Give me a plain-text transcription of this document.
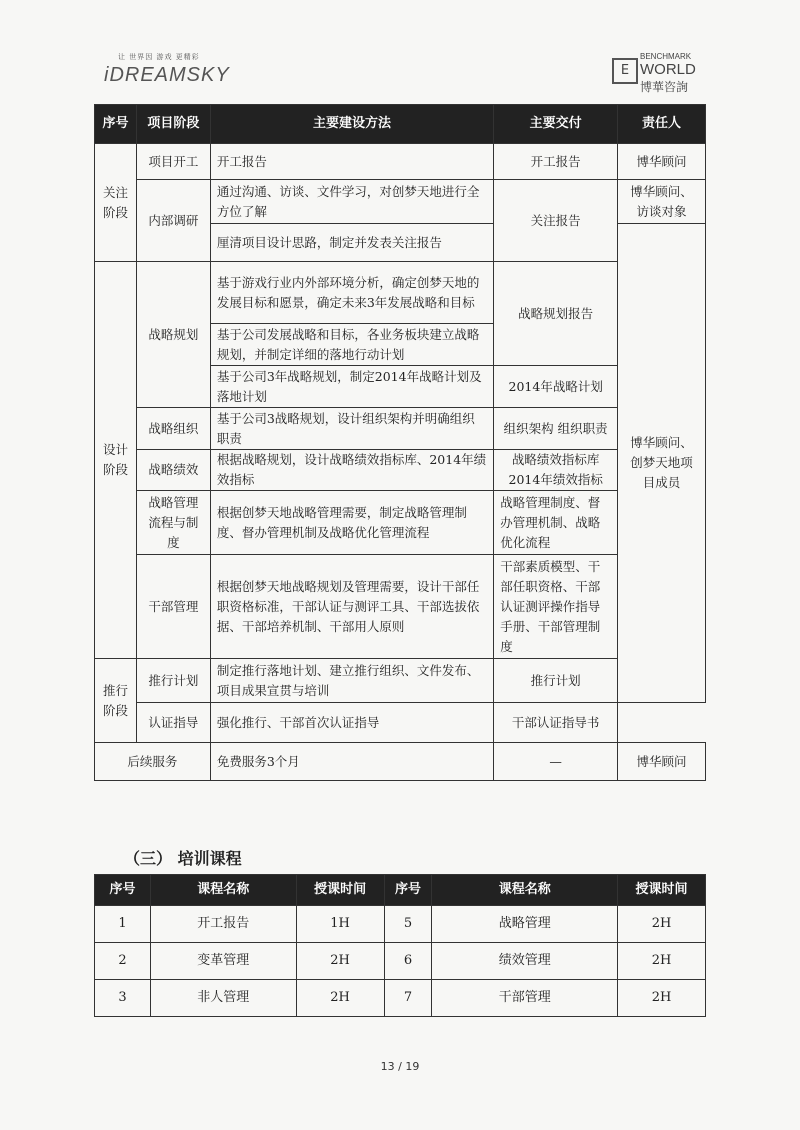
让 世界因 游戏 更精彩
iDREAMSKY	E
BENCHMARK
WORLD
博華咨詢
序号	项目阶段	主要建设方法	主要交付	责任人
关注阶段	项目开工	开工报告	开工报告	博华顾问
	内部调研	通过沟通、访谈、文件学习，对创梦天地进行全方位了解	关注报告	博华顾问、访谈对象
		厘清项目设计思路，制定并发表关注报告		博华顾问、创梦天地项目成员
设计阶段	战略规划	基于游戏行业内外部环境分析，确定创梦天地的发展目标和愿景，确定未来3年发展战略和目标	战略规划报告	
		基于公司发展战略和目标，各业务板块建立战略规划，并制定详细的落地行动计划		
		基于公司3年战略规划，制定2014年战略计划及落地计划	2014年战略计划	
	战略组织	基于公司3战略规划，设计组织架构并明确组织职责	组织架构 组织职责	
	战略绩效	根据战略规划，设计战略绩效指标库、2014年绩效指标	战略绩效指标库 2014年绩效指标	
	战略管理流程与制度	根据创梦天地战略管理需要，制定战略管理制度、督办管理机制及战略优化管理流程	战略管理制度、督办管理机制、战略优化流程	
	干部管理	根据创梦天地战略规划及管理需要，设计干部任职资格标准，干部认证与测评工具、干部选拔依据、干部培养机制、干部用人原则	干部素质模型、干部任职资格、干部认证测评操作指导手册、干部管理制度	
推行阶段	推行计划	制定推行落地计划、建立推行组织、文件发布、项目成果宣贯与培训	推行计划	
	认证指导	强化推行、干部首次认证指导	干部认证指导书	
后续服务		免费服务3个月	—	博华顾问
（三） 培训课程
序号	课程名称	授课时间	序号	课程名称	授课时间
1	开工报告	1H	5	战略管理	2H
2	变革管理	2H	6	绩效管理	2H
3	非人管理	2H	7	干部管理	2H
13 / 19
